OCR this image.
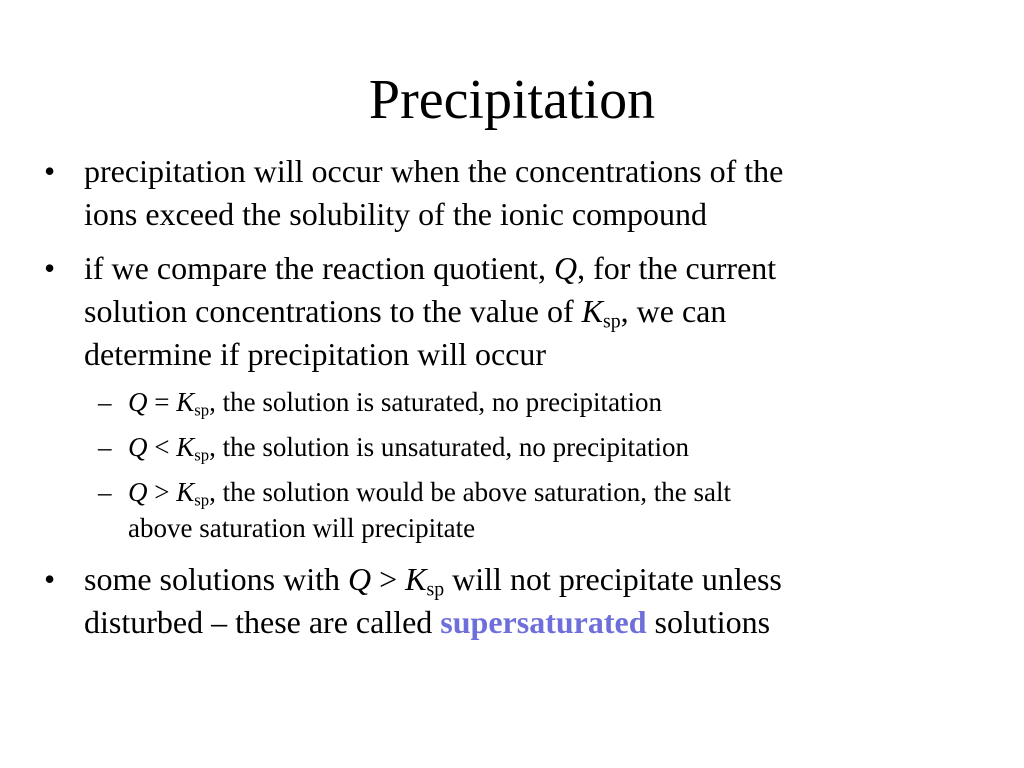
Precipitation
• precipitation will occur when the concentrations of the
ions exceed the solubility of the ionic compound
• if we compare the reaction quotient, Q, for the current
solution concentrations to the value of $K_{sp}$, we can
determine if precipitation will occur
– $Q = K_{sp}$, the solution is saturated, no precipitation
– $Q < K_{sp}$, the solution is unsaturated, no precipitation
– $Q > K_{sp}$, the solution would be above saturation, the salt
above saturation will precipitate
• some solutions with $Q > K_{sp}$ will not precipitate unless
disturbed – these are called supersaturated solutions
